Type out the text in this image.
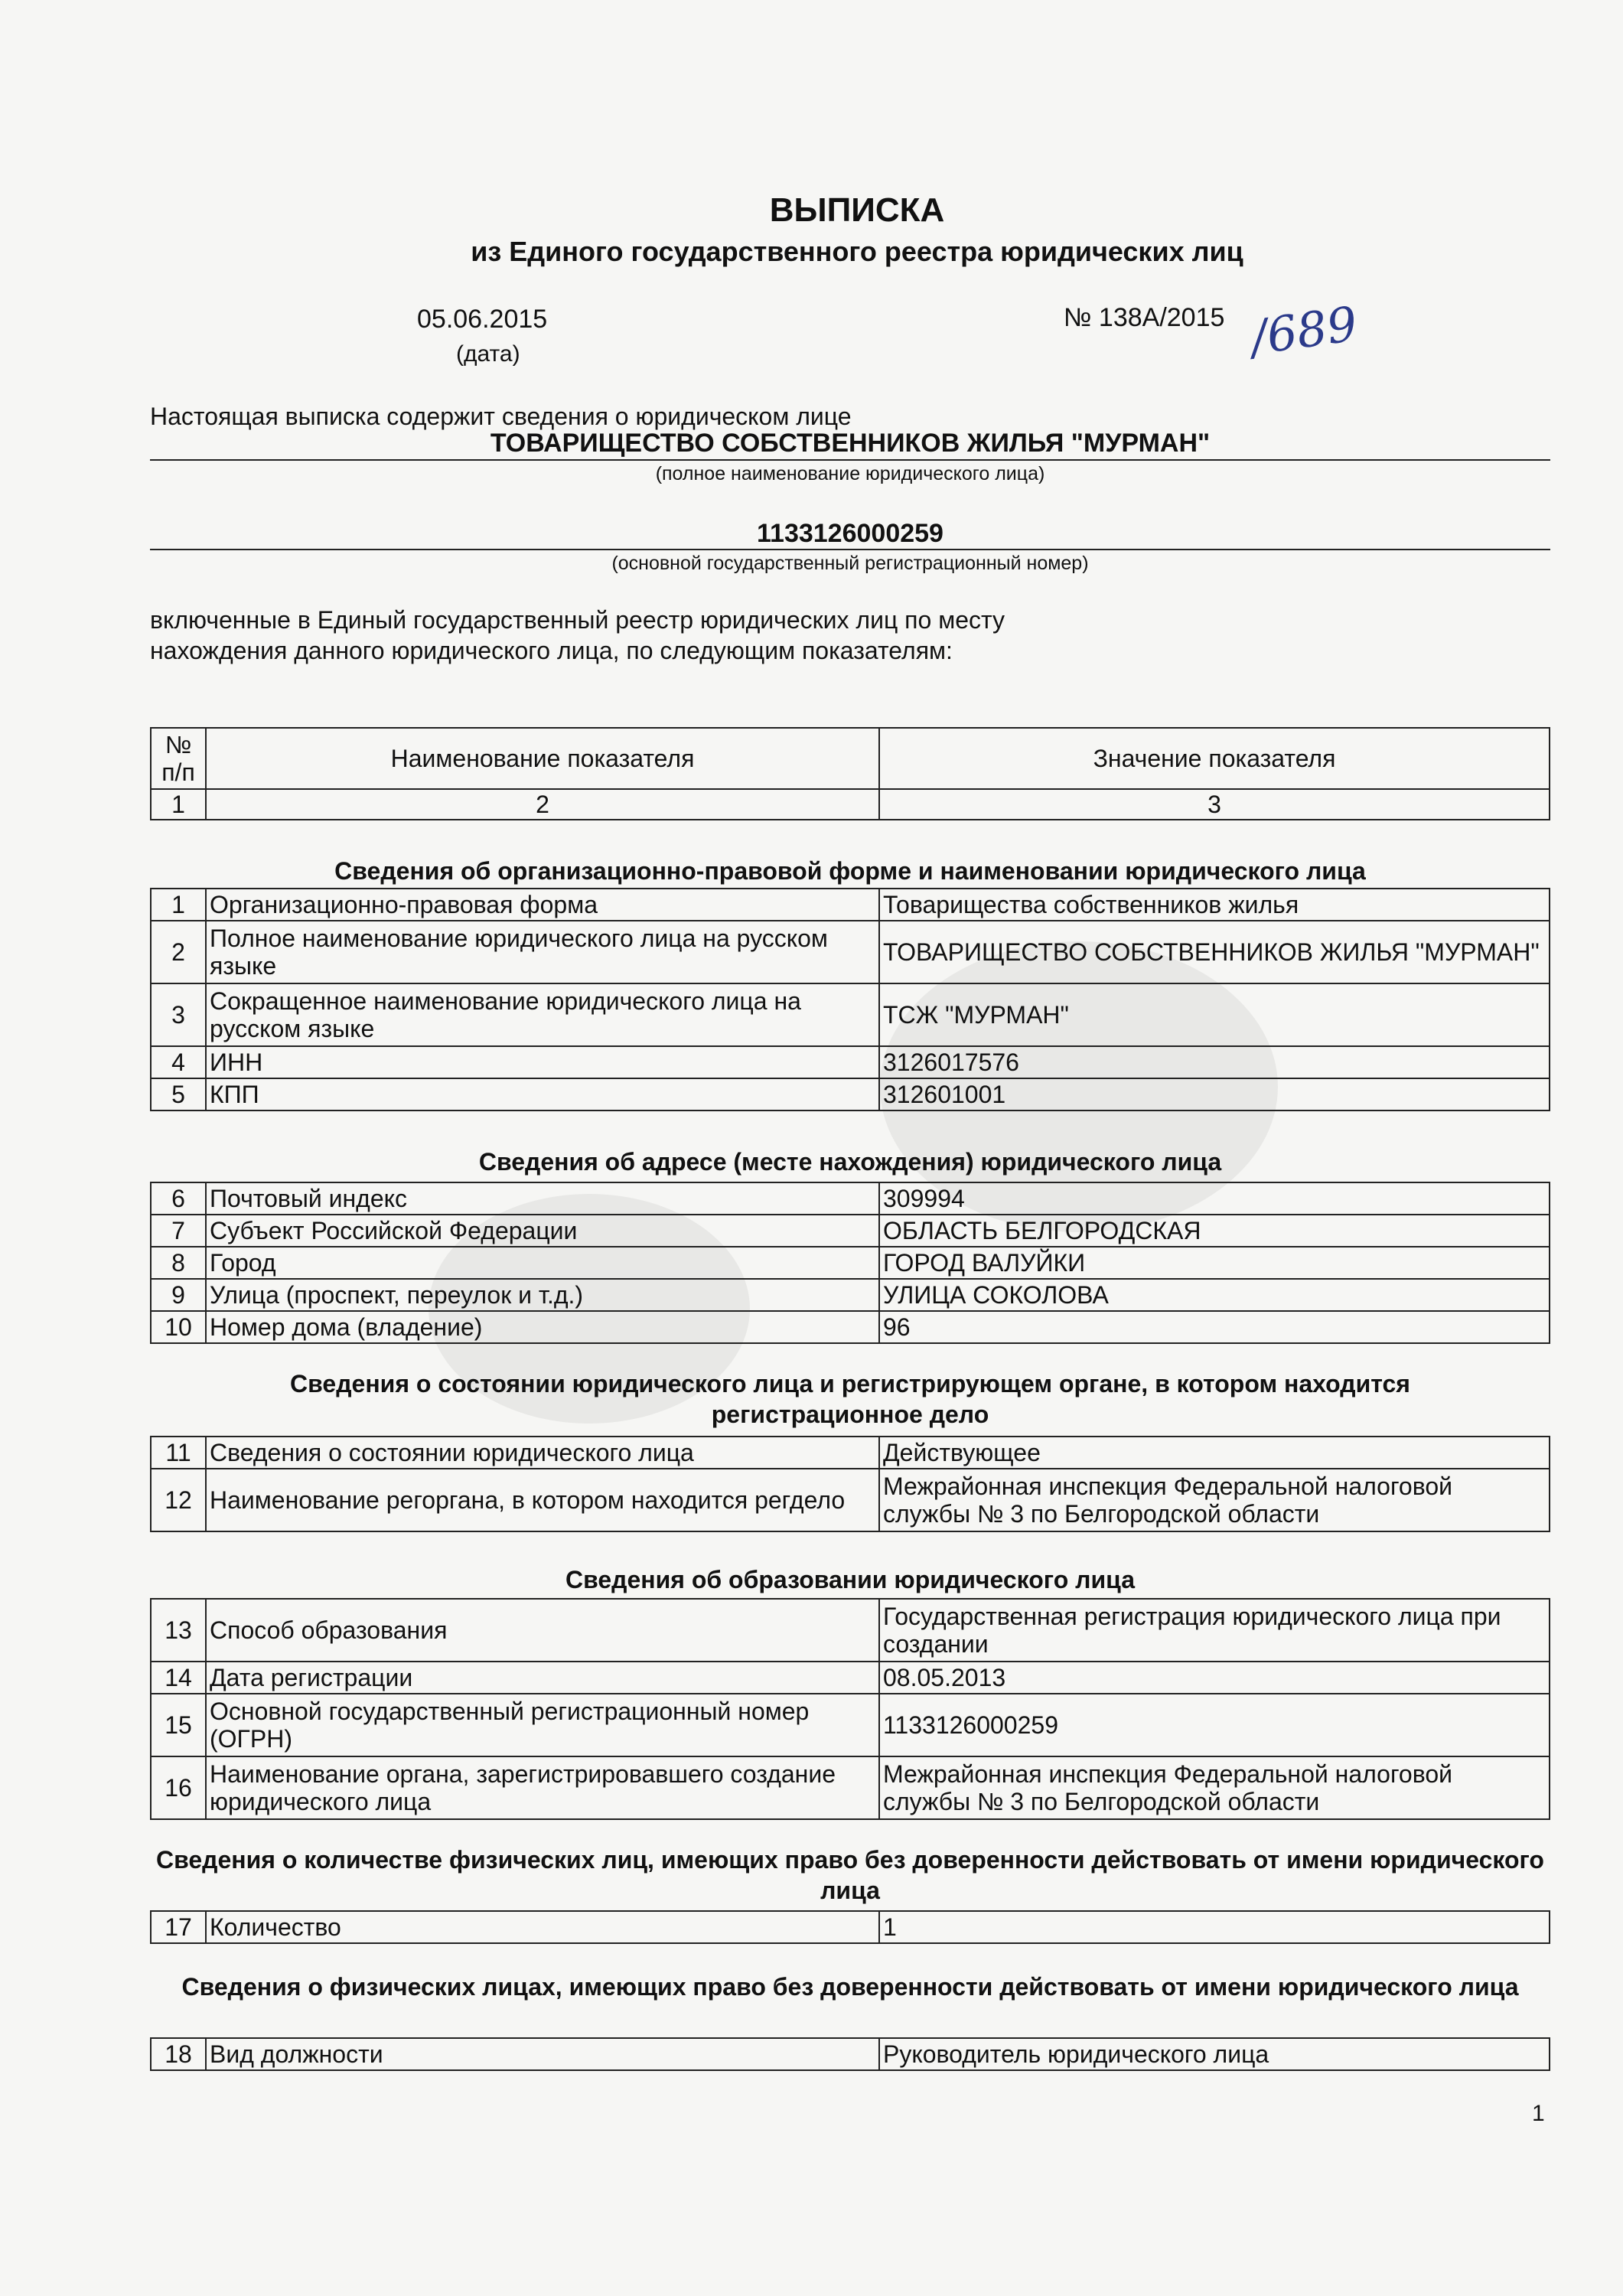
ВЫПИСКА
из Единого государственного реестра юридических лиц
05.06.2015
(дата)
№ 138А/2015 /689
Настоящая выписка содержит сведения о юридическом лице
ТОВАРИЩЕСТВО СОБСТВЕННИКОВ ЖИЛЬЯ "МУРМАН"
(полное наименование юридического лица)
1133126000259
(основной государственный регистрационный номер)
включенные в Единый государственный реестр юридических лиц по месту
нахождения данного юридического лица, по следующим показателям:
№ п/п	Наименование показателя	Значение показателя
1	2	3
Сведения об организационно-правовой форме и наименовании юридического лица
1	Организационно-правовая форма	Товарищества собственников жилья
2	Полное наименование юридического лица на русском языке	ТОВАРИЩЕСТВО СОБСТВЕННИКОВ ЖИЛЬЯ "МУРМАН"
3	Сокращенное наименование юридического лица на русском языке	ТСЖ "МУРМАН"
4	ИНН	3126017576
5	КПП	312601001
Сведения об адресе (месте нахождения) юридического лица
6	Почтовый индекс	309994
7	Субъект Российской Федерации	ОБЛАСТЬ БЕЛГОРОДСКАЯ
8	Город	ГОРОД ВАЛУЙКИ
9	Улица (проспект, переулок и т.д.)	УЛИЦА СОКОЛОВА
10	Номер дома (владение)	96
Сведения о состоянии юридического лица и регистрирующем органе, в котором находится регистрационное дело
11	Сведения о состоянии юридического лица	Действующее
12	Наименование регоргана, в котором находится регдело	Межрайонная инспекция Федеральной налоговой службы № 3 по Белгородской области
Сведения об образовании юридического лица
13	Способ образования	Государственная регистрация юридического лица при создании
14	Дата регистрации	08.05.2013
15	Основной государственный регистрационный номер (ОГРН)	1133126000259
16	Наименование органа, зарегистрировавшего создание юридического лица	Межрайонная инспекция Федеральной налоговой службы № 3 по Белгородской области
Сведения о количестве физических лиц, имеющих право без доверенности действовать от имени юридического лица
17	Количество	1
Сведения о физических лицах, имеющих право без доверенности действовать от имени юридического лица
18	Вид должности	Руководитель юридического лица
1
